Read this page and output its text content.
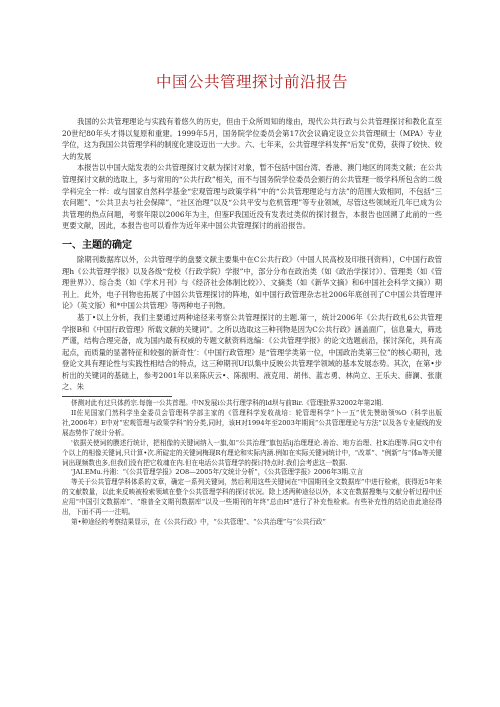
中国公共管理探讨前沿报告

我国的公共管理理论与实践有着悠久的历史，但由于众所周知的缘由，现代公共行政与公共管理探讨和教化直至20世纪80年头才得以复原和重建。1999年5月，国务院学位委员会第17次会议确定设立公共管理硕士（MPA）专业学位，这为我国公共管理学科的制度化建设迈出一大步。六、七年来，公共管理学科发挥“后发”优势，获得了较快、较大的发展

本报告以中国大陆发表的公共管理探讨文献为探讨对象，暂不包括中国台湾、香港、澳门地区的同类文献；在公共管理探讨文献的选取上，多与常用的“公共行政”相关，而不与国务院学位委员会颁行的公共管理一级学科所包含的二级学科完全一样：或与国家自然科学基金“宏观管理与政策学科”中的“公共管理理论与方法”的范围大致相同，不包括“三农问题”、“公共卫去与社会保障”、“社区治理”以及“公共平安与危机管理”等专业领域，尽管这些领域近几年已成为公共管理的热点问题，考察年限以2006年为主，但鉴F我国近没有发表过类似的探讨报告，本报告也回溯了此前的一些更要文献，因此，本报告也可以看作为近年来中国公共管理探讨的前沿报告。

一、主题的确定

除期刊数据库以外，公共管理学的盘要文献主要集中在C公共行政》（中国人民高校及印报刊资料），C中国行政管理h《公共管理学报》以及各级“党校（行政学院）学报”中，部分分布在政治类（如《政治学探讨》）、管理类（如《管理世界》）、综合类（如《学术月刊》与《经济社会体制比较》）、文摘类（如《新华文摘》和6中国社会科学文摘》）期刊上．此外，电子刊物也拓展了中国公共管理探讨的阵地，如中国行政管理杂志社2006年底创刊了C中国公共管理评论》（英文版）和*中国公共管理》等两种电子刊物。

基丁•以上分析，我们主要通过两种途径来考察公共管理探讨的主题.第一，统计2006年《公共行政札6公共管理学报B和《中国行政管理》所载文献的关键词”。之所以选取这三种刊物是因为C公共行政》涵盖面广，信息量大，筛选严谨，结构合理完备，成为国内最有权威的专题文献资料选编：《公共管理学报》的论文选题前沿，探讨深化，具有高起点，而质量的显著特征和较强的新奇性’：《中国行政管理》是“管理学类第一位，中国政治类第三位”的核心期刊，选登论文具有理论性与实践性相结合的特点，这三种期刊Uf以集中反映公共管理学领域的基本发展态势。其次，在第•步析出的关键词的基础上，参考2001年以来陈庆云•、陈振明、液克用、胡伟、蓝志勇、林尚立、王乐夫、薛澜、张康之、朱

侪测对此有过只体药宗.每施一公共首理。中N发展i公共行理学科的ld坝与前Bir.《管理批界32002年第2期.

II佐见国家门然科学坐金委员会管理科学部主家的《管理科学发收战培：轮管理科学“卜一五”优先赞助领%O（科学出版社,2006年）E中对“宏观管理与政策学科”的分类,同时，该H对1994年至2003年期间“公共管理理论与方法”以及各专业疑线的发展态势作了统计分析。

'依据关使词的膜述行统计，把相像的关键词纳入一旗,如“公共治理”旗包括ij治理理论.善治、地方治理、杜K治理等.同G文中有个以上的相像关键词,只计算•次.所碇定的关键词梅现R有理论和实际内涵.例如在实际关键词统计中，“改革”、“例新”与“体n等关键词出现频数也多,但我们没有把它收魂在内.但在电话公共管理学的探讨特点时.我们会考虑这一数据.

'JAI.EMu.丹湘：“《公共管理学报》2O8—2005年/文统计分析”，《公共管理学报》2006年3期.立言

等关于公共管理学科体系的文章，确定一系列关键词，然后利用这些关键词在“中国期刊全文数据库”中进行检索，获得近5年来的文献数量，以此来反映被检索领域在整个公共管理学科的探讨状况。除上述两种途径以外，本文在数据搜集与文献分析过程中还应用“中国引文数据库”、“维普全文期刊数据库”以及一些期刊的年终“总由H”进行了补充性检索。有些补充性的结论由此途径得出，下面不再一一注明。

第•种途径的考察结果显示，在《公共行政》中，“公共管理”、“公共治理”与“公共行政”
